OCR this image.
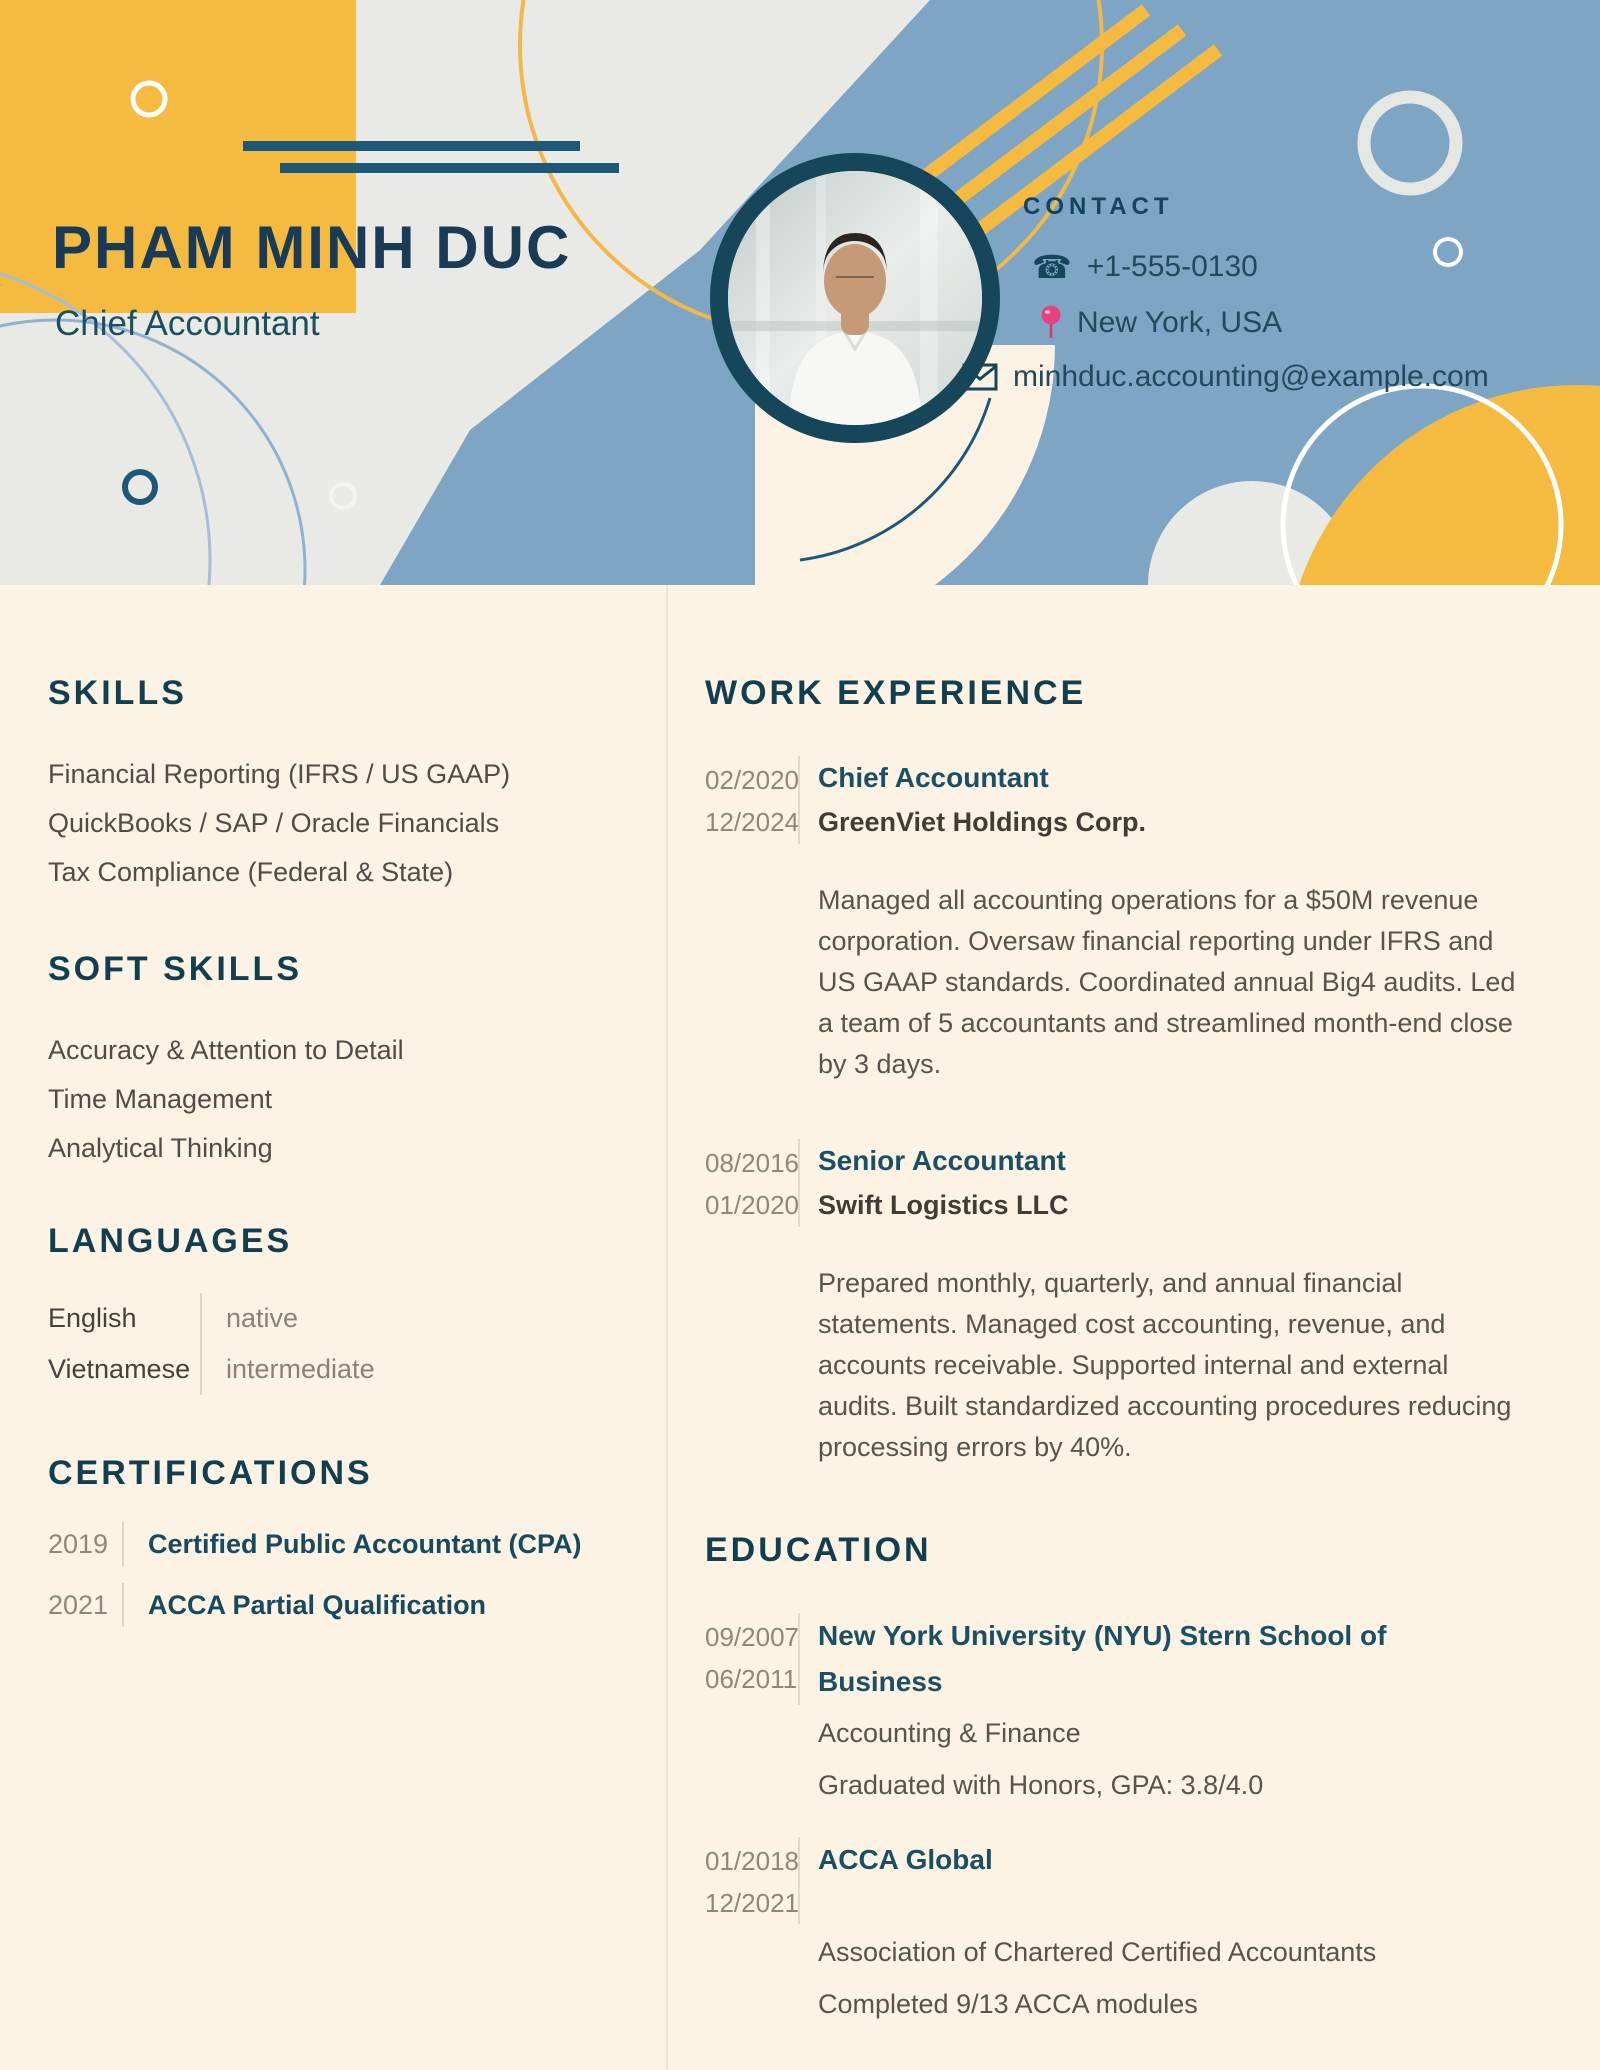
PHAM MINH DUC
Chief Accountant
CONTACT
☎ +1-555-0130
New York, USA
minhduc.accounting@example.com
SKILLS
Financial Reporting (IFRS / US GAAP)
QuickBooks / SAP / Oracle Financials
Tax Compliance (Federal & State)
SOFT SKILLS
Accuracy & Attention to Detail
Time Management
Analytical Thinking
LANGUAGES
English	native
Vietnamese	intermediate
CERTIFICATIONS
2019	Certified Public Accountant (CPA)
2021	ACCA Partial Qualification
WORK EXPERIENCE
02/2020
12/2024
Chief Accountant
GreenViet Holdings Corp.
Managed all accounting operations for a $50M revenue corporation. Oversaw financial reporting under IFRS and US GAAP standards. Coordinated annual Big4 audits. Led a team of 5 accountants and streamlined month-end close by 3 days.
08/2016
01/2020
Senior Accountant
Swift Logistics LLC
Prepared monthly, quarterly, and annual financial statements. Managed cost accounting, revenue, and accounts receivable. Supported internal and external audits. Built standardized accounting procedures reducing processing errors by 40%.
EDUCATION
09/2007
06/2011
New York University (NYU) Stern School of Business
Accounting & Finance
Graduated with Honors, GPA: 3.8/4.0
01/2018
12/2021
ACCA Global
Association of Chartered Certified Accountants
Completed 9/13 ACCA modules
